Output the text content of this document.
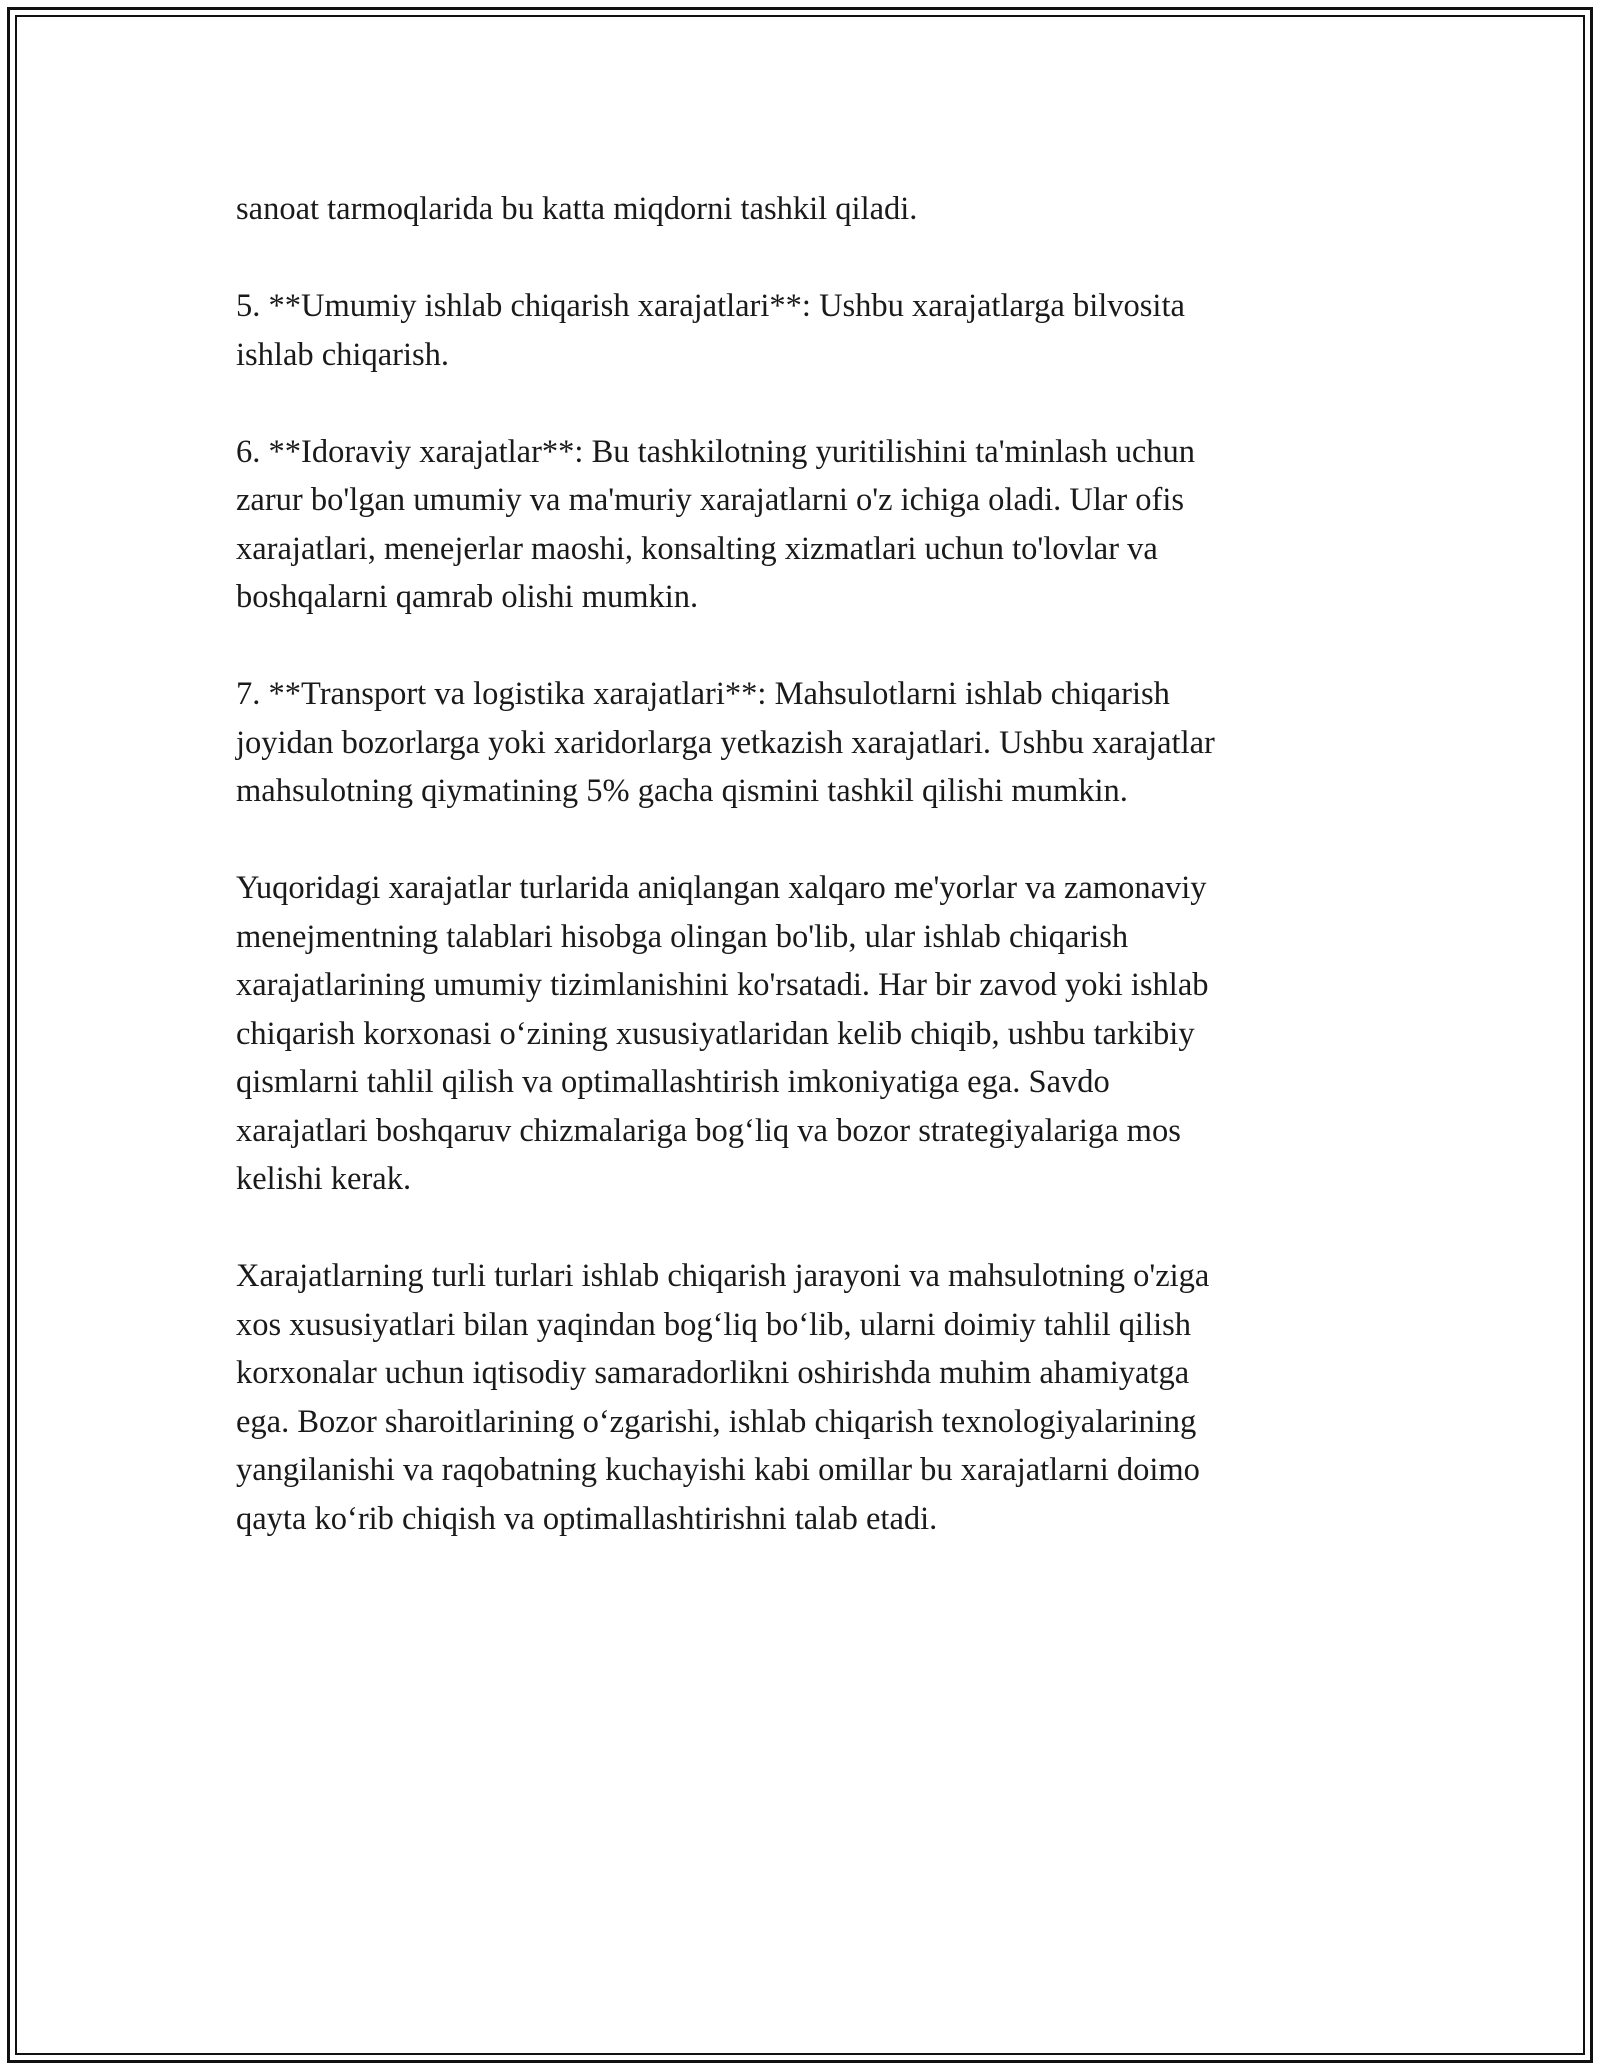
sanoat tarmoqlarida bu katta miqdorni tashkil qiladi.

5. **Umumiy ishlab chiqarish xarajatlari**: Ushbu xarajatlarga bilvosita
ishlab chiqarish.

6. **Idoraviy xarajatlar**: Bu tashkilotning yuritilishini ta'minlash uchun
zarur bo'lgan umumiy va ma'muriy xarajatlarni o'z ichiga oladi. Ular ofis
xarajatlari, menejerlar maoshi, konsalting xizmatlari uchun to'lovlar va
boshqalarni qamrab olishi mumkin.

7. **Transport va logistika xarajatlari**: Mahsulotlarni ishlab chiqarish
joyidan bozorlarga yoki xaridorlarga yetkazish xarajatlari. Ushbu xarajatlar
mahsulotning qiymatining 5% gacha qismini tashkil qilishi mumkin.

Yuqoridagi xarajatlar turlarida aniqlangan xalqaro me'yorlar va zamonaviy
menejmentning talablari hisobga olingan bo'lib, ular ishlab chiqarish
xarajatlarining umumiy tizimlanishini ko'rsatadi. Har bir zavod yoki ishlab
chiqarish korxonasi o‘zining xususiyatlaridan kelib chiqib, ushbu tarkibiy
qismlarni tahlil qilish va optimallashtirish imkoniyatiga ega. Savdo
xarajatlari boshqaruv chizmalariga bog‘liq va bozor strategiyalariga mos
kelishi kerak.

Xarajatlarning turli turlari ishlab chiqarish jarayoni va mahsulotning o'ziga
xos xususiyatlari bilan yaqindan bog‘liq bo‘lib, ularni doimiy tahlil qilish
korxonalar uchun iqtisodiy samaradorlikni oshirishda muhim ahamiyatga
ega. Bozor sharoitlarining o‘zgarishi, ishlab chiqarish texnologiyalarining
yangilanishi va raqobatning kuchayishi kabi omillar bu xarajatlarni doimo
qayta ko‘rib chiqish va optimallashtirishni talab etadi.
